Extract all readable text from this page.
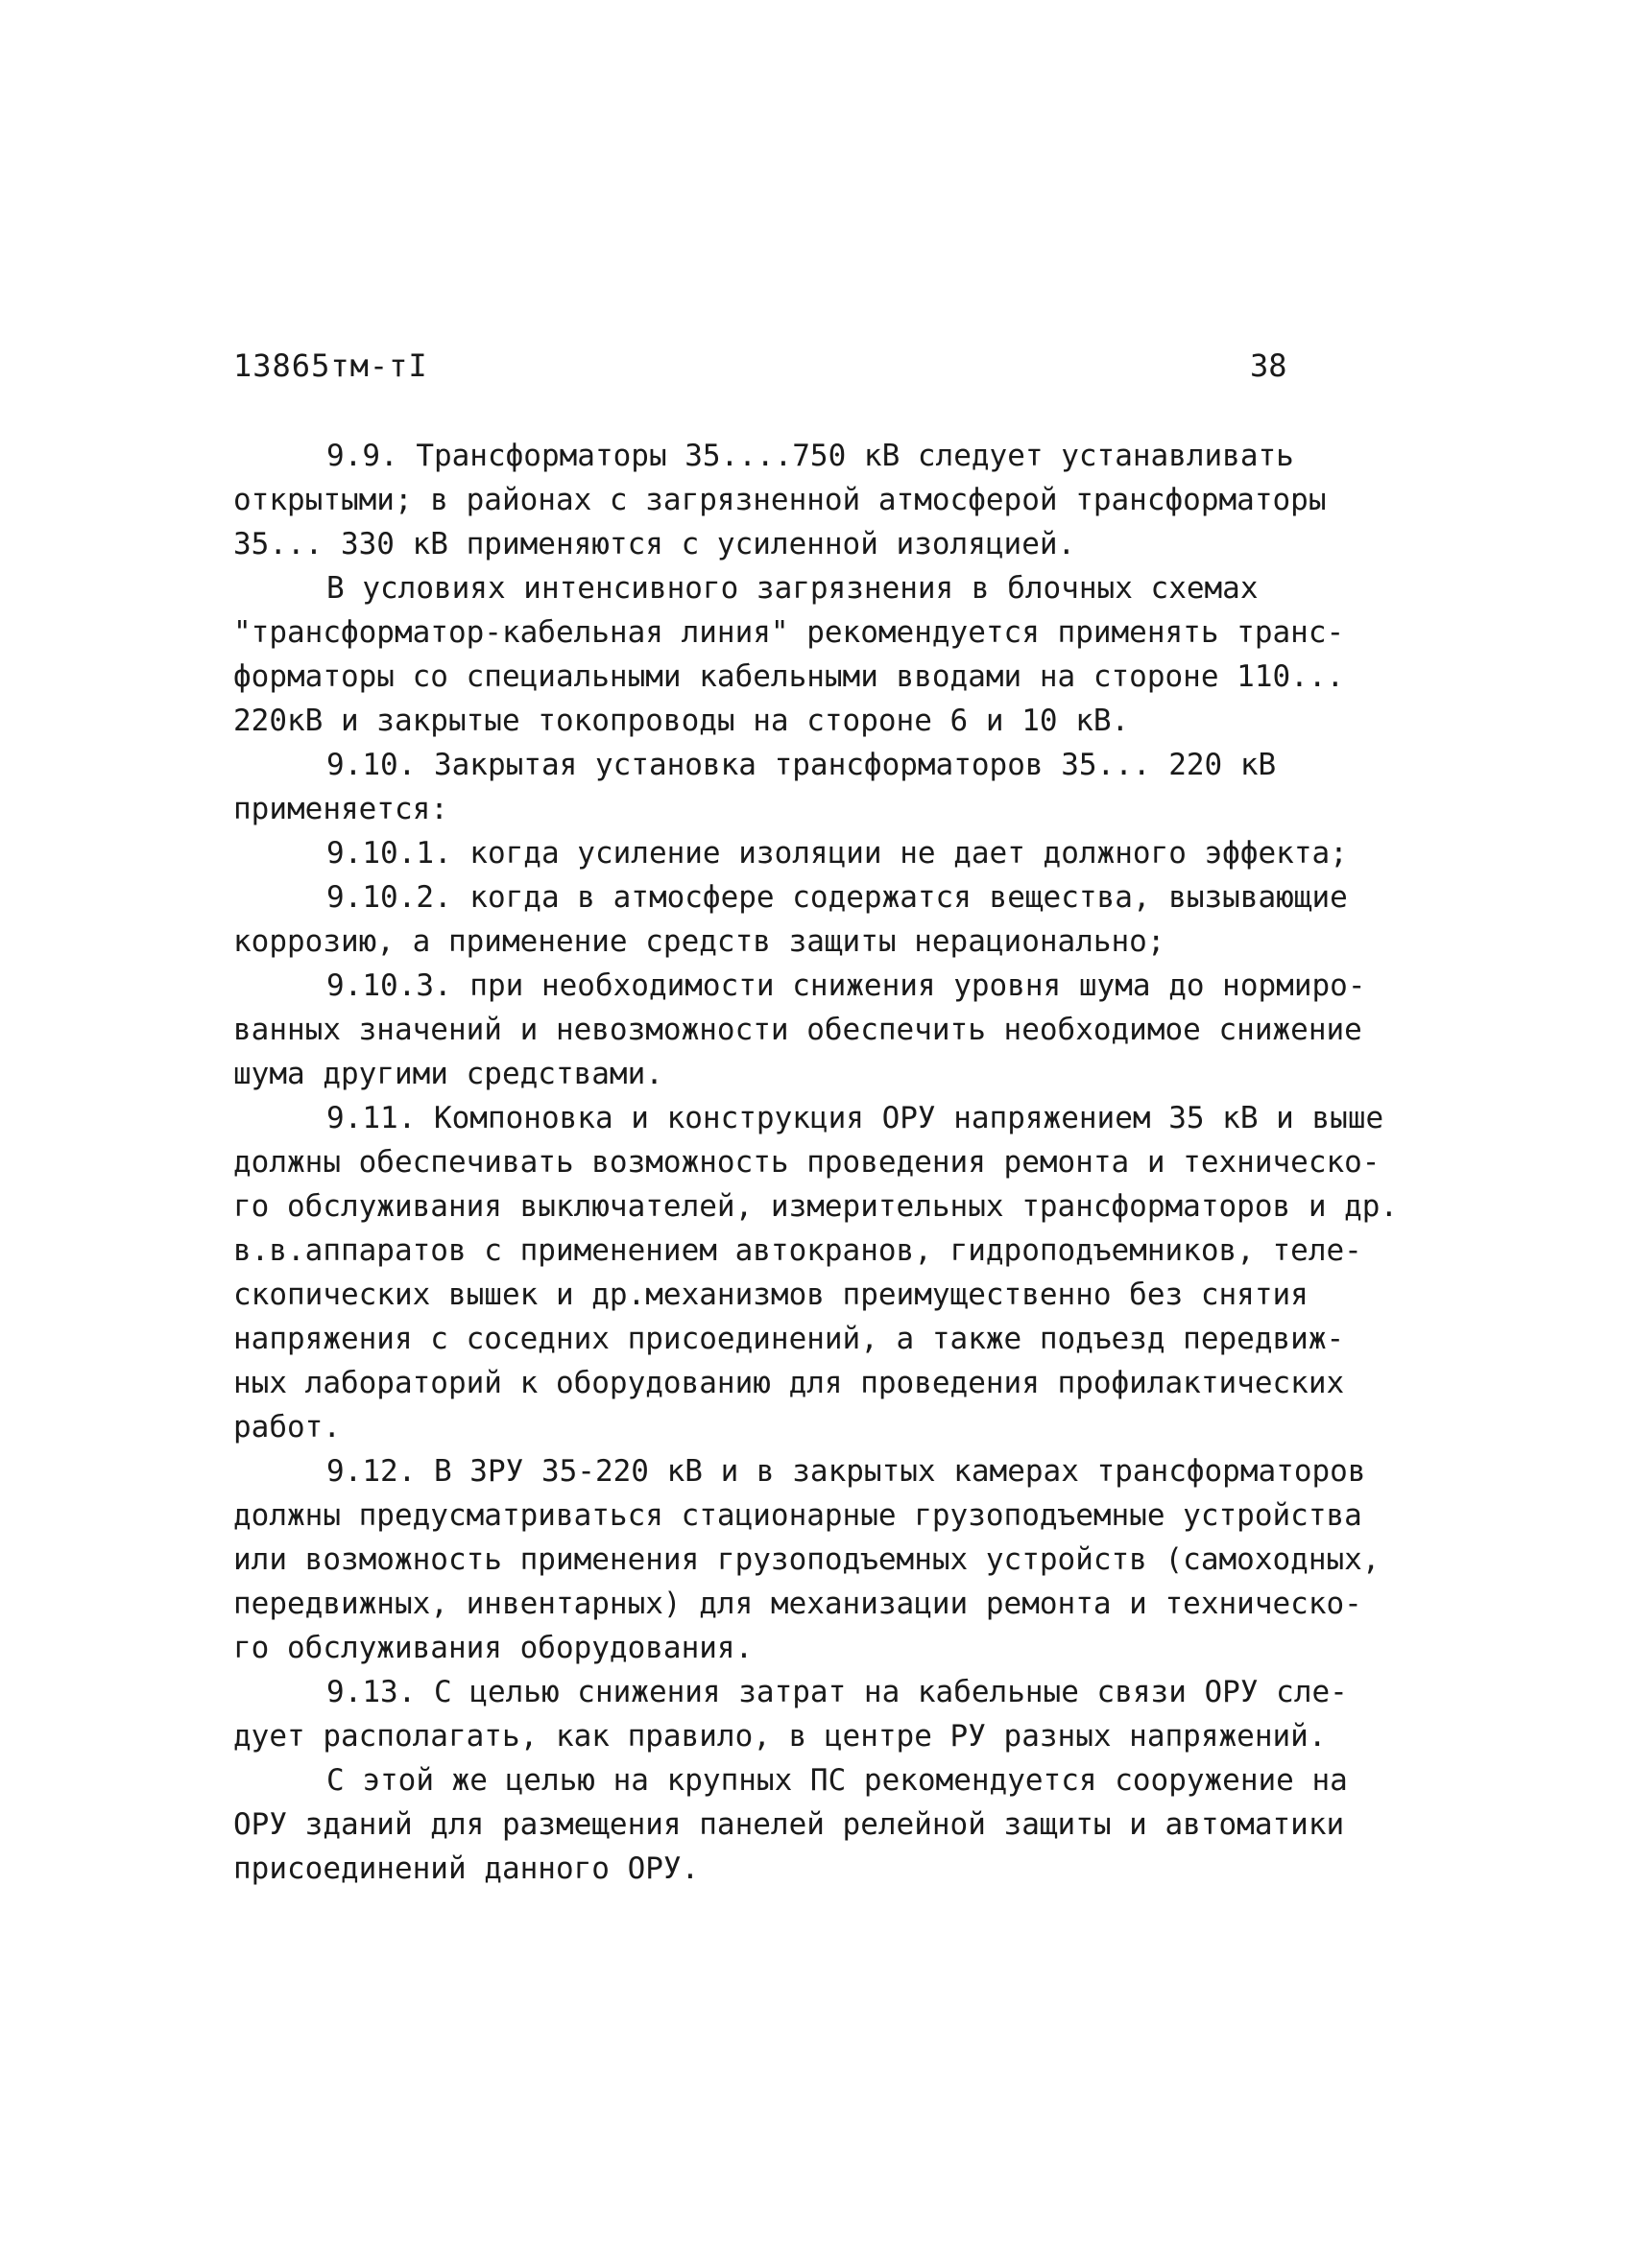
13865тм-тI	38
9.9. Трансформаторы 35....750 кВ следует устанавливать
открытыми; в районах с загрязненной атмосферой трансформаторы
35... 330 кВ применяются с усиленной изоляцией.
В условиях интенсивного загрязнения в блочных схемах
"трансформатор-кабельная линия" рекомендуется применять транс-
форматоры со специальными кабельными вводами на стороне 110...
220кВ и закрытые токопроводы на стороне 6 и 10 кВ.
9.10. Закрытая установка трансформаторов 35... 220 кВ
применяется:
9.10.1. когда усиление изоляции не дает должного эффекта;
9.10.2. когда в атмосфере содержатся вещества, вызывающие
коррозию, а применение средств защиты нерационально;
9.10.3. при необходимости снижения уровня шума до нормиро-
ванных значений и невозможности обеспечить необходимое снижение
шума другими средствами.
9.11. Компоновка и конструкция ОРУ напряжением 35 кВ и выше
должны обеспечивать возможность проведения ремонта и техническо-
го обслуживания выключателей, измерительных трансформаторов и др.
в.в.аппаратов с применением автокранов, гидроподъемников, теле-
скопических вышек и др.механизмов преимущественно без снятия
напряжения с соседних присоединений, а также подъезд передвиж-
ных лабораторий к оборудованию для проведения профилактических
работ.
9.12. В ЗРУ 35-220 кВ и в закрытых камерах трансформаторов
должны предусматриваться стационарные грузоподъемные устройства
или возможность применения грузоподъемных устройств (самоходных,
передвижных, инвентарных) для механизации ремонта и техническо-
го обслуживания оборудования.
9.13. С целью снижения затрат на кабельные связи ОРУ сле-
дует располагать, как правило, в центре РУ разных напряжений.
С этой же целью на крупных ПС рекомендуется сооружение на
ОРУ зданий для размещения панелей релейной защиты и автоматики
присоединений данного ОРУ.
